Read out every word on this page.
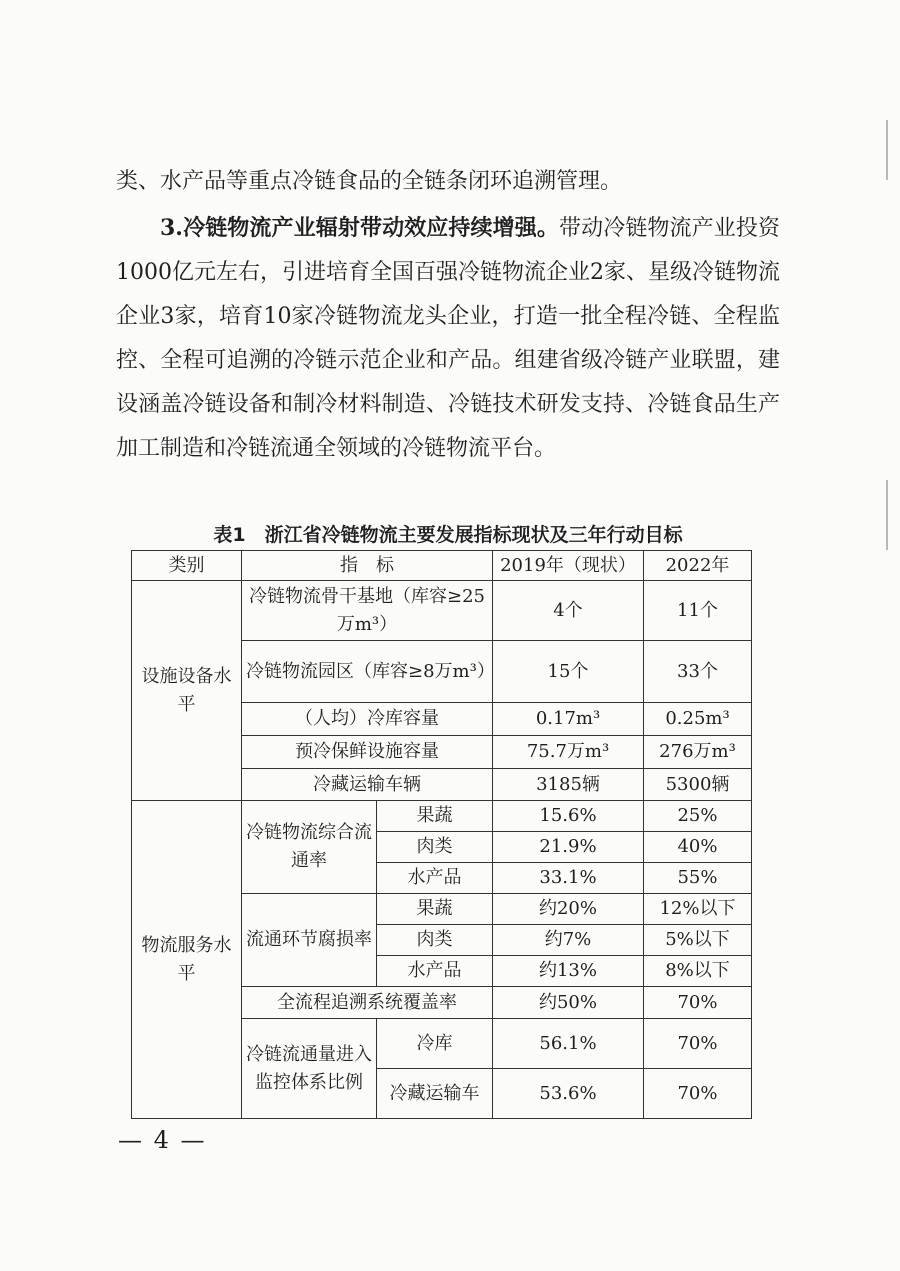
类、水产品等重点冷链食品的全链条闭环追溯管理。

3.冷链物流产业辐射带动效应持续增强。带动冷链物流产业投资1000亿元左右，引进培育全国百强冷链物流企业2家、星级冷链物流企业3家，培育10家冷链物流龙头企业，打造一批全程冷链、全程监控、全程可追溯的冷链示范企业和产品。组建省级冷链产业联盟，建设涵盖冷链设备和制冷材料制造、冷链技术研发支持、冷链食品生产加工制造和冷链流通全领域的冷链物流平台。

表1　浙江省冷链物流主要发展指标现状及三年行动目标
类别	指　标		2019年（现状）	2022年
设施设备水平	冷链物流骨干基地（库容≥25万m³）		4个	11个
	冷链物流园区（库容≥8万m³）		15个	33个
	（人均）冷库容量		0.17m³	0.25m³
	预冷保鲜设施容量		75.7万m³	276万m³
	冷藏运输车辆		3185辆	5300辆
物流服务水平	冷链物流综合流通率	果蔬	15.6%	25%
		肉类	21.9%	40%
		水产品	33.1%	55%
	流通环节腐损率	果蔬	约20%	12%以下
		肉类	约7%	5%以下
		水产品	约13%	8%以下
	全流程追溯系统覆盖率		约50%	70%
	冷链流通量进入监控体系比例	冷库	56.1%	70%
		冷藏运输车	53.6%	70%
— 4 —
